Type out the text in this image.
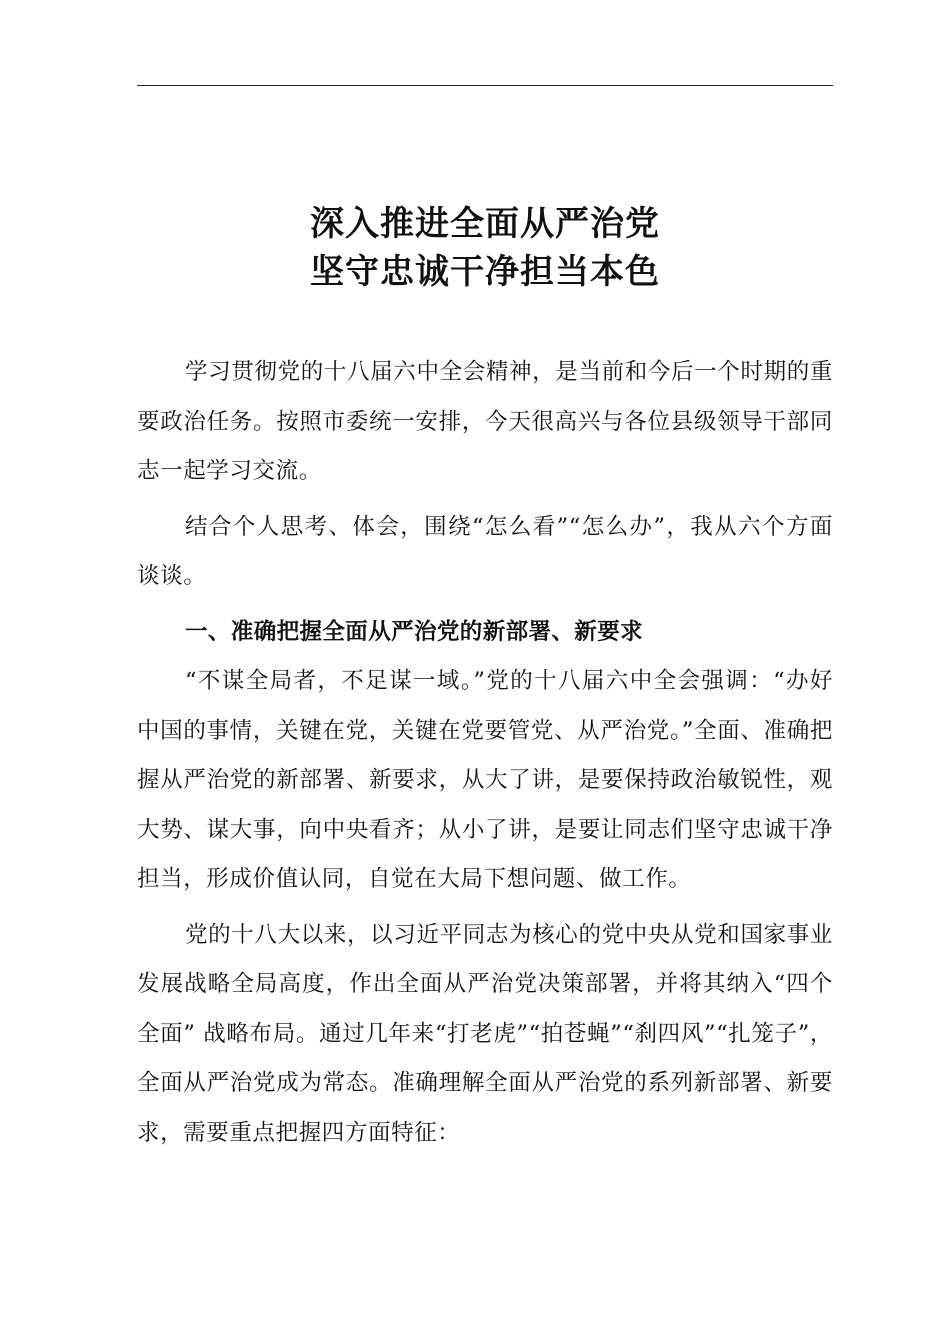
深入推进全面从严治党
坚守忠诚干净担当本色

学习贯彻党的十八届六中全会精神，是当前和今后一个时期的重要政治任务。按照市委统一安排，今天很高兴与各位县级领导干部同志一起学习交流。

结合个人思考、体会，围绕“怎么看”“怎么办”，我从六个方面谈谈。

一、准确把握全面从严治党的新部署、新要求

“不谋全局者，不足谋一域。”党的十八届六中全会强调：“办好中国的事情，关键在党，关键在党要管党、从严治党。”全面、准确把握从严治党的新部署、新要求，从大了讲，是要保持政治敏锐性，观大势、谋大事，向中央看齐；从小了讲，是要让同志们坚守忠诚干净担当，形成价值认同，自觉在大局下想问题、做工作。

党的十八大以来，以习近平同志为核心的党中央从党和国家事业发展战略全局高度，作出全面从严治党决策部署，并将其纳入“四个全面” 战略布局。通过几年来“打老虎”“拍苍蝇”“刹四风”“扎笼子”，全面从严治党成为常态。准确理解全面从严治党的系列新部署、新要求，需要重点把握四方面特征：
